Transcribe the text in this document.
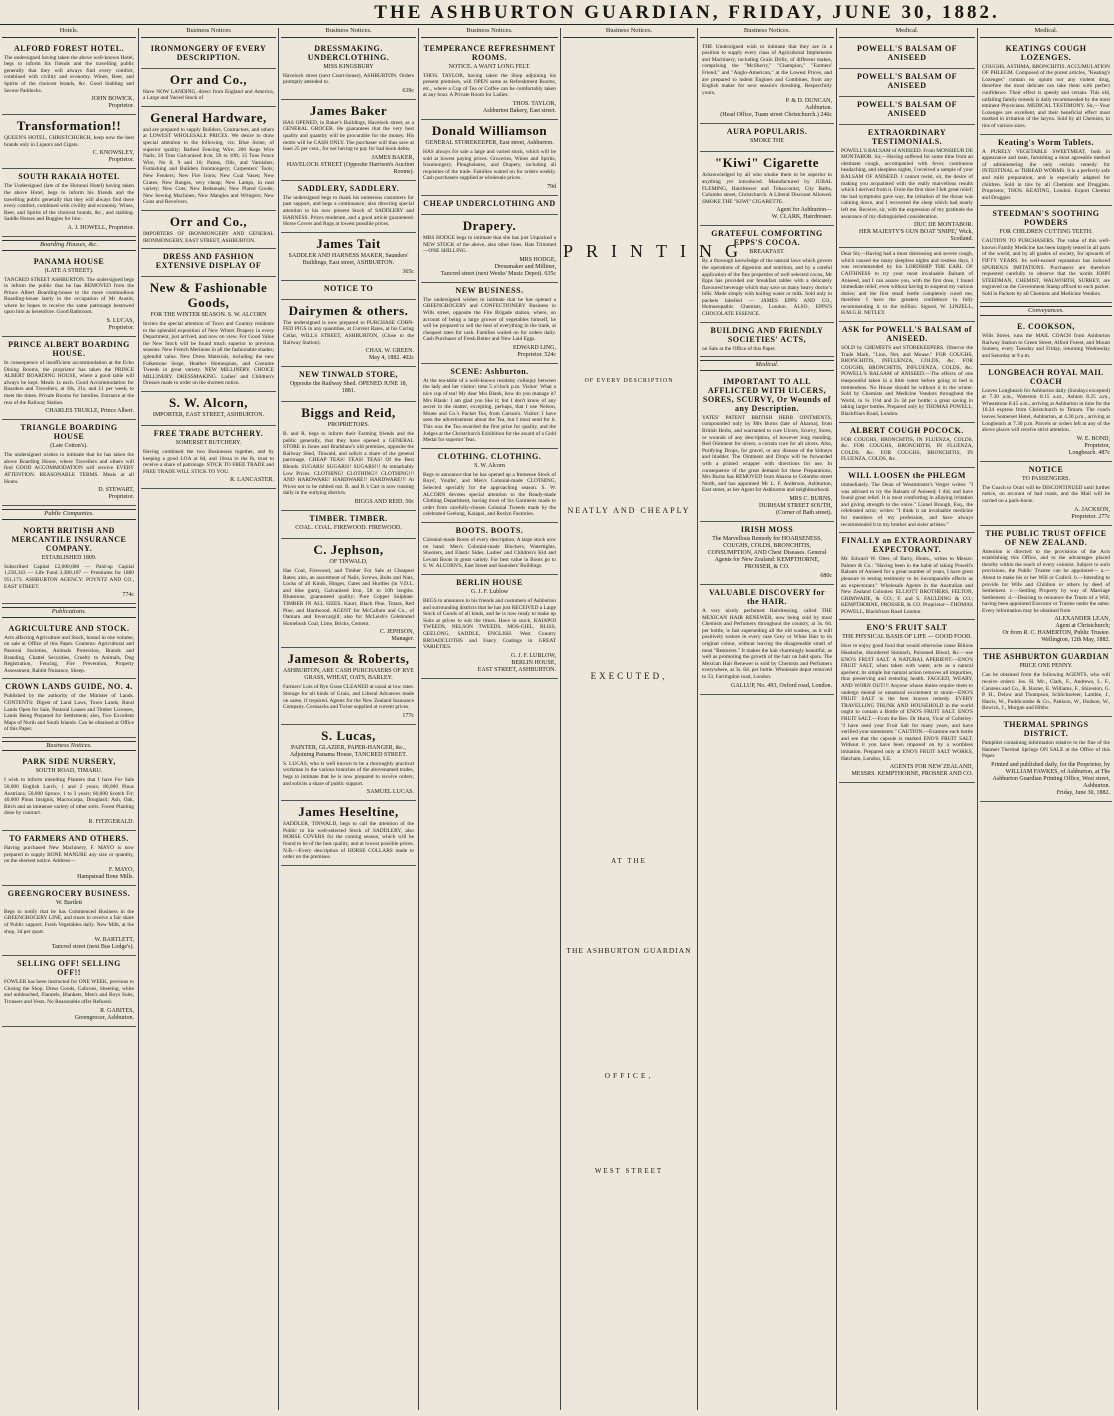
THE ASHBURTON GUARDIAN, FRIDAY, JUNE 30, 1882.
Hotels.
ALFORD FOREST HOTEL.
The undersigned having taken the above well-known Hotel, begs to inform his friends and the travelling public generally that they will always find every comfort, combined with civility and economy. Wines, Beer, and Spirits of the choicest brands, &c. Good Stabling and Secure Paddocks.
JOHN BOWICK,
Proprietor.
Transformation!!
QUEEN'S HOTEL, CHRISTCHURCH, keep now the best brands only in Liquors and Cigars.
C. KNOWSLEY,
Proprietor.
SOUTH RAKAIA HOTEL
The Undersigned (late of the Hurunui Hotel) having taken the above Hotel, begs to inform his friends and the travelling public generally that they will always find there every comfort, combined with civility and economy. Wines, Beer, and Spirits of the choicest brands, &c., and stabling. Saddle Horses and Buggies for hire.
A. J. HOWELL, Proprietor.
Boarding Houses, &c.
PANAMA HOUSE
(LATE A STREET).
TANCRED STREET ASHBURTON. The undersigned begs to inform the public that he has REMOVED from the Prince Albert Boarding-house to the more commodious Boarding-house lately in the occupation of Mr Austin, where he hopes to receive the same patronage bestowed upon him as heretofore. Good Bathroom.
S. LUCAS,
Proprietor.
PRINCE ALBERT BOARDING HOUSE.
In consequence of insufficient accommodation at the Echo Dining Rooms, the proprietor has taken the PRINCE ALBERT BOARDING HOUSE, where a good table will always be kept. Meals 1s each. Good Accommodation for Boarders and Travellers, at 18s, 21s, and £1 per week, to meet the times. Private Rooms for families. Entrance at the rear of the Railway Station.
CHARLES TRUKLE, Prince Albert.
TRIANGLE BOARDING HOUSE
(Late Cotton's).
The undersigned wishes to intimate that he has taken the above Boarding House, where Travellers and others will find GOOD ACCOMMODATION will receive EVERY ATTENTION. REASONABLE TERMS. Meals at all Hours.
D. STEWART,
Proprietor.
Public Companies.
NORTH BRITISH AND MERCANTILE INSURANCE COMPANY.
ESTABLISHED 1809.
Subscribed Capital £2,000,000 — Paid-up Capital 1,250,343 — Life Fund 3,380,107 — Premiums for 1880 951,173. ASHBURTON AGENCY: POYNTZ AND CO., EAST STREET.
774c
Publications.
AGRICULTURE AND STOCK.
Acts affecting Agriculture and Stock, bound in one volume, on sale at Office of this Paper. Contents: Agricultural and Pastoral Societies, Animals Protection, Brands and Branding, Chattel Securities, Cruelty to Animals, Dog Registration, Fencing, Fire Prevention, Property Assessment, Rabbit Nuisance, Sheep.
CROWN LANDS GUIDE, NO. 4.
Published by the authority of the Minister of Lands. CONTENTS: Digest of Land Laws, Town Lands, Rural Lands Open for Sale, Pastoral Leases and Timber Licenses, Lands Being Prepared for Settlement; also, Two Excellent Maps of North and South Islands. Can be obtained at Office of this Paper.
Business Notices.
PARK SIDE NURSERY,
SOUTH ROAD, TIMARU.
I wish to inform intending Planters that I have For Sale 50,000 English Larch, 1 and 2 years; 80,000 Pinus Austriaca; 50,000 Spruce, 1 to 3 years; 60,000 Scotch Fir; 40,000 Pinus Insignis, Macrocarpa, Douglasii; Ash, Oak, Birch and an immense variety of other sorts. Forest Planting done by contract.
R. FITZGERALD.
TO FARMERS AND OTHERS.
Having purchased New Machinery, F. MAYO is now prepared to supply BONE MANURE any size or quantity, on the shortest notice. Address—
F. MAYO,
Hampstead Bone Mills.
GREENGROCERY BUSINESS.
W. Bartlett
Begs to notify that he has Commenced Business in the GREENGROCERY LINE, and trusts to receive a fair share of Public support. Fresh Vegetables daily. New Milk, at the shop, 3d per quart.
W. BARTLETT,
Tancred street (next Bus Lodge's).
SELLING OFF! SELLING OFF!!
FOWLER has been instructed for ONE WEEK, previous to Closing the Shop. Dress Goods, Calicoes, Sheeting, white and unbleached, Flannels, Blankets, Men's and Boys Suits, Trousers and Vests. No Reasonable offer Refused.
R. GABITES,
Greengrocer, Ashburton.
Business Notices
IRONMONGERY OF EVERY DESCRIPTION.
Orr and Co.,
Have NOW LANDING, direct from England and America, a Large and Varied Stock of
General Hardware,
and are prepared to supply Builders, Contractors, and others at LOWEST WHOLESALE PRICES. We desire to draw special attention to the following, viz: Blue Stone, of superior quality; Barbed Fencing Wire; 200 Kegs Wire Nails; 20 Tons Galvanised Iron, 5ft to 10ft; 15 Tons Fence Wire, No 8, 9 and 10; Paints, Oils, and Varnishes; Furnishing and Builders Ironmongery; Carpenters' Tools; New Fenders; New Fire Irons; New Coal Vases; New Grates; New Ranges, very cheap; New Lamps, in neat variety; New Cots; New Bedsteads; New Plated Goods; New Sewing Machines; New Mangles and Wringers; New Guns and Revolvers.
Orr and Co.,
IMPORTERS OF IRONMONGERY AND GENERAL IRONMONGERY, EAST STREET, ASHBURTON.
DRESS AND FASHION EXTENSIVE DISPLAY OF
New & Fashionable Goods,
FOR THE WINTER SEASON. S. W. ALCORN
Invites the special attention of Town and Country residents to the splendid exposition of New Winter Drapery in every Department, just arrived, and now on view. For Good Value the New Stock will be found much superior to previous seasons. New French Merinoes in all the fashionable shades; splendid value. New Dress Materials, including the new Folkestone Serge, Heather Homespuns, and Costume Tweeds in great variety. NEW MILLINERY. CHOICE MILLINERY. DRESSMAKING. Ladies' and Children's Dresses made to order on the shortest notice.
S. W. Alcorn,
IMPORTER, EAST STREET, ASHBURTON.
FREE TRADE BUTCHERY.
SOMERSET BUTCHERY.
Having combined the two Businesses together, and by keeping a good LOA at 6d, and 10oza to the lb, trust to receive a share of patronage. STICK TO FREE TRADE and FREE TRADE WILL STICK TO YOU.
R. LANCASTER.
Business Notices.
DRESSMAKING. UNDERCLOTHING.
MISS KINGSBURY
Havelock street (next Court-house), ASHBURTON. Orders promptly attended to.
639c
James Baker
HAS OPENED, in Baker's Buildings, Havelock street, as a GENERAL GROCER. He guarantees that the very best quality and quantity will be procurable for the money. His motto will be CASH ONLY. The purchaser will thus save at least 25 per cent., for not having to pay for bad book debts.
JAMES BAKER,
HAVELOCK STREET (Opposite Harrison's Auction Rooms).
SADDLERY, SADDLERY.
The undersigned begs to thank his numerous customers for past support, and begs a continuance; also directing special attention to his now present Stock of SADDLERY and HARNESS. Prices moderate, and a good article guaranteed. Horse Covers and Rugs at lowest possible prices.
James Tait
SADDLER AND HARNESS MAKER, Saunders' Buildings, East street, ASHBURTON.
365c
NOTICE TO
Dairymen & others.
The undersigned is now prepared to PURCHASE CORN-FED PIGS in any quantities, at Current Rates, at his Curing Cellar, WILLS STREET, ASHBURTON, (Close to the Railway Station).
CHAS. W. GREEN.
May 4, 1882. 402c
NEW TINWALD STORE,
Opposite the Railway Shed. OPENED JUNE 18, 1881.
Biggs and Reid,
PROPRIETORS.
B. and R. begs to inform their Farming friends and the public generally, that they have opened a GENERAL STORE in Jones and Bradshaw's old premises, opposite the Railway Shed, Tinwald, and solicit a share of the general patronage. CHEAP TEAS! TEAS! TEAS! Of the Best Blends. SUGARS! SUGARS!! SUGARS!!! At remarkably Low Prices. CLOTHING! CLOTHING!! CLOTHING!!! AND HARDWARE! HARDWARE!! HARDWARE!!! At Prices not to be rubbed out. B. and R.'s Cart is now running daily in the outlying districts.
BIGGS AND REID. 50c
TIMBER. TIMBER.
COAL. COAL. FIREWOOD. FIREWOOD.
C. Jephson,
OF TINWALD,
Has Coal, Firewood, and Timber For Sale at Cheapest Rates; also, an assortment of Nails, Screws, Bolts and Nuts, Locks of all Kinds, Hinges, Gates and Hurdles (in V.D.L. and blue gum), Galvanised Iron, 5ft to 10ft lengths. Bluestone, guaranteed quality; Pure Copper Sulphate. TIMBER IN ALL SIZES. Kauri, Black Pine, Totara, Red Pine, and Hardwood. AGENT for McCallum and Co., of Oamaru and Invercargill; also for McLeish's Celebrated Homebush Coal, Lime, Bricks, Cement.
C. JEPHSON,
Manager.
Jameson & Roberts,
ASHBURTON, ARE CASH PURCHASERS OF RYE GRASS, WHEAT, OATS, BARLEY.
Farmers' Lots of Rye Grass CLEANED at usual at low rates. Storage for all kinds of Grain, and Liberal Advances made on same, if required. Agents for the New Zealand Insurance Company. Cornsacks and Twine supplied at current prices.
177c
S. Lucas,
PAINTER, GLAZIER, PAPER-HANGER, &c., Adjoining Panama House, TANCRED STREET.
S. LUCAS, who is well known to be a thoroughly practical workman in the various branches of the abovenamed trades, begs to intimate that he is now prepared to receive orders, and solicits a share of public support.
SAMUEL LUCAS.
James Heseltine,
SADDLER, TINWALD, begs to call the attention of the Public to his well-selected Stock of SADDLERY, also HORSE COVERS for the coming season, which will be found to be of the best quality, and at lowest possible prices. N.B.—Every description of HORSE COLLARS made to order on the premises.
Business Notices.
TEMPERANCE REFRESHMENT ROOMS.
NOTICE. A WANT LONG FELT.
THOS. TAYLOR, having taken the Shop adjoining his present premises, will OPEN same as Refreshment Rooms, etc., where a Cup of Tea or Coffee can be comfortably taken at any hour. A Private Room for Ladies.
THOS. TAYLOR,
Ashburton Bakery, East street.
Donald Williamson
GENERAL STOREKEEPER, East street, Ashburton.
HAS always for sale a large and varied stock, which will be sold at lowest paying prices. Groceries, Wines and Spirits, Ironmongery, Ploughshares, and Drapery, including all requisites of the trade. Families waited on for orders weekly. Cash purchasers supplied at wholesale prices.
79d
CHEAP UNDERCLOTHING AND
Drapery.
MRS HODGE begs to intimate that she has just Unpacked a NEW STOCK of the above, also other lines. Hats Trimmed—ONE SHILLING.
MRS HODGE,
Dressmaker and Milliner,
Tancred street (next Weeks' Music Depot). 635c
NEW BUSINESS.
The undersigned wishes to intimate that he has opened a GREENGROCERY and CONFECTIONERY Business in Wills street, opposite the Fire Brigade station, where, on account of being a large grower of vegetables himself, he will be prepared to sell the best of everything in the trade, at cheapest rates for cash. Families waited on for orders daily. Cash Purchaser of Fresh Butter and New Laid Eggs.
EDWARD LING,
Proprietor. 524c
SCENE: Ashburton.
At the tea-table of a well-known resident; colloquy between the lady and her visitor: time 5 o'clock p.m. Visitor: What a nice cup of tea! My dear Mrs Blank, how do you manage it? Mrs Blank: I am glad you like it; but I don't know of any secret in the matter, excepting, perhaps, that I use Nelson, Moate and Co.'s Packet Tea, from Carson's. Visitor: I have seen the advertisement about the Tea, but I must send for it. This was the Tea awarded the first prize for quality, and the Judges at the Christchurch Exhibition for the award of a Gold Medal for superior Teas.
CLOTHING. CLOTHING.
S. W. Alcorn
Begs to announce that he has opened up a Immense Stock of Boys', Youths', and Men's Colonial-made CLOTHING, Selected specially for the approaching season. S. W. ALCORN devotes special attention to the Ready-made Clothing Department, having most of his Garments made to order from carefully-chosen Colonial Tweeds made by the celebrated Geelong, Kaiapoi, and Roslyn Factories.
BOOTS. BOOTS.
Colonial-made Boots of every description. A large stock now on hand. Men's Colonial-made Bluchers, Watertights, Shooters, and Elastic Sides. Ladies' and Children's Kid and Levant Boots in great variety. For best value in Boots go to S. W. ALCORN'S, East Street and Saunders' Buildings.
BERLIN HOUSE
G. J. F. Lublow
BEGS to announce to his friends and customers of Ashburton and surrounding districts that he has just RECEIVED a Large Stock of Goods of all kinds, and he is now ready to make up Suits at prices to suit the times. Have in stock, KAIAPOI TWEEDS, NELSON TWEEDS, MOS-GIEL, BLISS, GEELONG, SADDLE, ENGLISH. West Country BROADCLOTHS and Fancy Coatings in GREAT VARIETIES.
G. J. F. LUBLOW,
BERLIN HOUSE,
EAST STREET, ASHBURTON.
Business Notices.
PRINTING
OF EVERY DESCRIPTION
NEATLY AND CHEAPLY
EXECUTED,
AT THE
THE ASHBURTON GUARDIAN
OFFICE,
WEST STREET
Business Notices.
THE Undersigned wish to intimate that they are in a position to supply every class of Agricultural Implements and Machinery, including Grain Drills, of different makes, comprising the "McSherry," "Champion," "Farmers' Friend," and "Anglo-American," at the Lowest Prices, and are prepared to indent Engines and Combines, from any English maker for next season's threshing. Respectfully yours,
P. & D. DUNCAN,
Ashburton.
(Head Office, Tuam street Christchurch.) 246c
AURA POPULARIS.
SMOKE THE
"Kiwi" Cigarette
Acknowledged by all who smoke them to be superior to anything yet introduced. Manufactured by JUBAL FLEMING, Hairdresser and Tobacconist, City Baths, Colombo street, Christchurch. A Liberal Discount Allowed. SMOKE THE "KIWI" CIGARETTE.
Agent for Ashburton—
W. CLARK, Hairdresser.
GRATEFUL COMFORTING EPPS'S COCOA.
BREAKFAST.
By a thorough knowledge of the natural laws which govern the operations of digestion and nutrition, and by a careful application of the fine properties of well selected cocoa, Mr Epps has provided our breakfast tables with a delicately flavoured beverage which may save us many heavy doctor's bills. Made simply with boiling water or milk. Sold only in packets labelled — JAMES EPPS AND CO., Homoeopathic Chemists, London. ALSO, EPPS'S CHOCOLATE ESSENCE.
BUILDING AND FRIENDLY SOCIETIES' ACTS,
on Sale at the Office of this Paper.
Medical.
IMPORTANT TO ALL AFFLICTED WITH ULCERS, SORES, SCURVY, Or Wounds of any Description.
YATES' PATENT BRITISH HERB OINTMENTS, compounded only by Mrs Burns (late of Akaroa), from British Herbs, and warranted to cure Ulcers, Scurvy, Sores, or wounds of any description, of however long standing. Red Ointment for ulcers, a certain cure for all ulcers. Also, Purifying Drops, for gravel, or any disease of the kidneys and bladder. The Ointment and Drops will be forwarded with a printed wrapper with directions for use. In consequence of the great demand for these Preparations, Mrs Burns has REMOVED from Akaroa to Colombo street North, and has appointed Mr L. F. Anderson, Ashburton, East street, as her Agent for Ashburton and neighbourhood.
MRS C. BURNS,
DURHAM STREET SOUTH,
(Corner of Bath street).
IRISH MOSS
The Marvellous Remedy for HOARSENESS, COUGHS, COLDS, BRONCHITIS, CONSUMPTION, AND Chest Diseases. General Agents for New Zealand: KEMPTHORNE, PROSSER, & CO.
680c
VALUABLE DISCOVERY for the HAIR.
A very nicely perfumed Hairdressing, called THE MEXICAN HAIR RENEWER, now being sold by most Chemists and Perfumers throughout the country, at 3s. 6d. per bottle, is fast superseding all the old washes, as it will positively restore in every case Grey or White Hair to its original colour, without leaving the disagreeable smell of most "Restorers." It makes the hair charmingly beautiful, as well as promoting the growth of the hair on bald spots. The Mexican Hair Renewer is sold by Chemists and Perfumers everywhere, at 3s. 6d. per bottle. Wholesale depot removed to 33, Farringdon road, London.
GALLUP, No. 493, Oxford road, London.
Medical.
POWELL'S BALSAM OF ANISEED
POWELL'S BALSAM OF ANISEED
POWELL'S BALSAM OF ANISEED
EXTRAORDINARY TESTIMONIALS.
POWELL'S BALSAM of ANISEED. From MONSIEUR DE MONTABOR. Sir,—Having suffered for some time from an obstinate cough, accompanied with fever, continuous headaching, and sleepless nights, I received a sample of your BALSAM OF ANISEED. I cannot resist, sir, the desire of making you acquainted with the really marvellous results which I derived from it. From the first dose I felt great relief; the bad symptoms gave way, the irritation of the throat was calming down, and I recovered the sleep which had nearly left me. Receive, sir, with the expression of my gratitude the assurance of my distinguished consideration.
DUC DE MONTABOR.
HER MAJESTY'S GUN BOAT 'SNIPE,' Wick, Scotland.
Dear Sir,—Having had a most distressing and severe cough, which caused me many sleepless nights and restless days, I was recommended by his LORDSHIP THE EARL OF CAITHNESS to try your most invaluable Balsam of Aniseed, and I can assure you, with the first dose, I found immediate relief, even without having to suspend my various duties; and the first small bottle completely cured me, therefore I have the greatest confidence in fully recommending it to the million. Signed, W. LINZELL, H.M.G.B. NETLEY.
ASK for POWELL'S BALSAM of ANISEED.
SOLD by CHEMISTS and STOREKEEPERS. Observe the Trade Mark, "Lion, Net, and Mouse." FOR COUGHS, BRONCHITIS, INFLUENZA, COLDS, &c. FOR COUGHS, BRONCHITIS, INFLUENZA, COLDS, &c. POWELL'S BALSAM of ANISEED.—The effects of one teaspoonful taken in a little water before going to bed is tremendous. No House should be without it in the winter. Sold by Chemists and Medicine Vendors throughout the World, in 1s 1½d and 2s 3d per bottle; a great saving in taking larger bottles. Prepared only by THOMAS POWELL, Blackfriars Road, London.
ALBERT COUGH POCOCK.
FOR COUGHS, BRONCHITIS, IN FLUENZA, COLDS, &c. FOR COUGHS, BRONCHITIS, IN FLUENZA, COLDS, &c. FOR COUGHS, BRONCHITIS, IN FLUENZA, COLDS, &c.
WILL LOOSEN the PHLEGM
immediately. The Dean of Westminster's Verger writes: "I was advised to try the Balsam of Aniseed; I did, and have found great relief. It is most comforting in allaying irritation and giving strength to the voice." Lionel Brough, Esq., the celebrated actor, writes: "I think it an invaluable medicine for members of my profession, and have always recommended it to my brother and sister artistes."
FINALLY an EXTRAORDINARY EXPECTORANT.
Mr. Edward W. Otter, of Barry, Hunts., writes to Messrs. Palmer & Co.: "Having been in the habit of taking Powell's Balsam of Aniseed for a great number of years, I have great pleasure in testing testimony to its incomparable effects as an expectorant." Wholesale Agents in the Australian and New Zealand Colonies: ELLIOTT BROTHERS, FELTON, GRIMWADE, & CO.; F. and S. FAULDING & CO.; KEMPTHORNE, PROSSER, & CO. Proprietor—THOMAS POWELL, Blackfriars Road London.
ENO'S FRUIT SALT
THE PHYSICAL BASIS OF LIFE — GOOD FOOD.
How to enjoy good food that would otherwise cause Bilious Headache, disordered Stomach, Poisoned Blood, &c.—use ENO'S FRUIT SALT. A NATURAL APERIENT.—ENO'S FRUIT SALT, when taken with water, acts as a natural aperient; its simple but natural action removes all impurities, thus preserving and restoring health. FAGGED, WEARY, AND WORN OUT!!! Anyone whose duties require them to undergo mental or unnatural excitement or strain—ENO'S FRUIT SALT is the best known remedy. EVERY TRAVELLING TRUNK AND HOUSEHOLD in the world ought to contain a Bottle of ENO'S FRUIT SALT. ENO'S FRUIT SALT.—From the Rev. Dr Hurst, Vicar of Collerley: "I have used your Fruit Salt for many years, and have verified your statements." CAUTION.—Examine each bottle and see that the capsule is marked ENO'S FRUIT SALT. Without it you have been imposed on by a worthless imitation. Prepared only at ENO'S FRUIT SALT WORKS, Hatcham, London, S.E.
AGENTS FOR NEW ZEALAND,
MESSRS. KEMPTHORNE, PROSSER AND CO.
Medical.
KEATINGS COUGH LOZENGES.
COUGHS, ASTHMA, BRONCHITIS. ACCUMULATION OF PHLEGM. Composed of the purest articles, "Keating's Lozenges" contain no opium nor any violent drug, therefore the most delicate can take them with perfect confidence. Their effect is speedy and certain. This old, unfailing family remedy is daily recommended by the most eminent Physicians. MEDICAL TESTIMONY. Sir,—Your Lozenges are excellent, and their beneficial effect most marked in irritation of the larynx. Sold by all Chemists, in tins of various sizes.
Keating's Worm Tablets.
A PURELY VEGETABLE SWEETMEAT, both in appearance and taste, furnishing a most agreeable method of administering the only certain remedy for INTESTINAL or THREAD WORMS. It is a perfectly safe and mild preparation, and is especially adapted for children. Sold in tins by all Chemists and Druggists. Proprietor, THOS. KEATING, London. Export Chemist and Druggist.
STEEDMAN'S SOOTHING POWDERS
FOR CHILDREN CUTTING TEETH.
CAUTION TO PURCHASERS. The value of this well-known Family Medicine has been largely tested in all parts of the world, and by all grades of society, for upwards of FIFTY YEARS. Its well-earned reputation has induced SPURIOUS IMITATIONS. Purchasers are therefore requested carefully to observe that the words JOHN STEEDMAN, CHEMIST, WALWORTH, SURREY, are engraved on the Government Stamp affixed to each packet. Sold in Packets by all Chemists and Medicine Vendors.
Conveyances.
E. COOKSON,
Wills Street, runs the MAIL COACH from Ashburton Railway Station to Green Street, Alford Forest, and Mount Somers, every Tuesday and Friday, returning Wednesday and Saturday at 9 a.m.
LONGBEACH ROYAL MAIL COACH
Leaves Longbeach for Ashburton daily (Sundays excepted) at 7.30 a.m., Waterton 8.15 a.m., Ashton 8.25 a.m., Wheatstone 8.45 a.m., arriving at Ashburton in time for the 10.24 express from Christchurch to Timaru. The coach leaves Somerset Hotel, Ashburton, at 4.30 p.m., arriving at Longbeach at 7.30 p.m. Parcels or orders left at any of the above places will receive strict attention.
W. E. BOND,
Proprietor,
Longbeach. 487c
NOTICE
TO PASSENGERS.
The Coach to Orari will be DISCONTINUED until further notice, on account of bad roads, and the Mail will be carried on a pack-horse.
A. JACKSON,
Proprietor. 277c
THE PUBLIC TRUST OFFICE OF NEW ZEALAND.
Attention is directed to the provisions of the Acts establishing this Office, and to the advantages placed thereby within the reach of every colonist. Subject to such provisions, the Public Trustee can be appointed— a.—About to make his or her Will or Codicil. b.—Intending to provide for Wife and Children or others by deed of Settlement. c.—Settling Property by way of Marriage Settlement. d.—Desiring to renounce the Trusts of a Will, having been appointed Executor or Trustee under the same. Every information may be obtained from
ALEXANDER LEAN,
Agent at Christchurch;
Or from R. C. HAMERTON, Public Trustee.
Wellington, 12th May, 1882.
THE ASHBURTON GUARDIAN
PRICE ONE PENNY.
Can be obtained from the following AGENTS, who will receive orders: Jos. H. Mc., Clark, F., Andrews, L. F., Carstens and Co., R. Baxter, E. Williams, F., Shireston, G. P. H., Delow and Thompson, Schlichseleer, Lambie, J., Harris, W., Puddicombe & Co., Pattison, W., Hudson, W., Bowick, J., Morgan and Hibbs.
THERMAL SPRINGS DISTRICT.
Pamphlet containing information relative to the fine of the Hanmer Thermal Springs ON SALE at the Office of this Paper.
Printed and published daily, for the Proprietor, by WILLIAM FAWKES, of Ashburton, at The Ashburton Guardian Printing Office, West street, Ashburton.
Friday, June 30, 1882.
